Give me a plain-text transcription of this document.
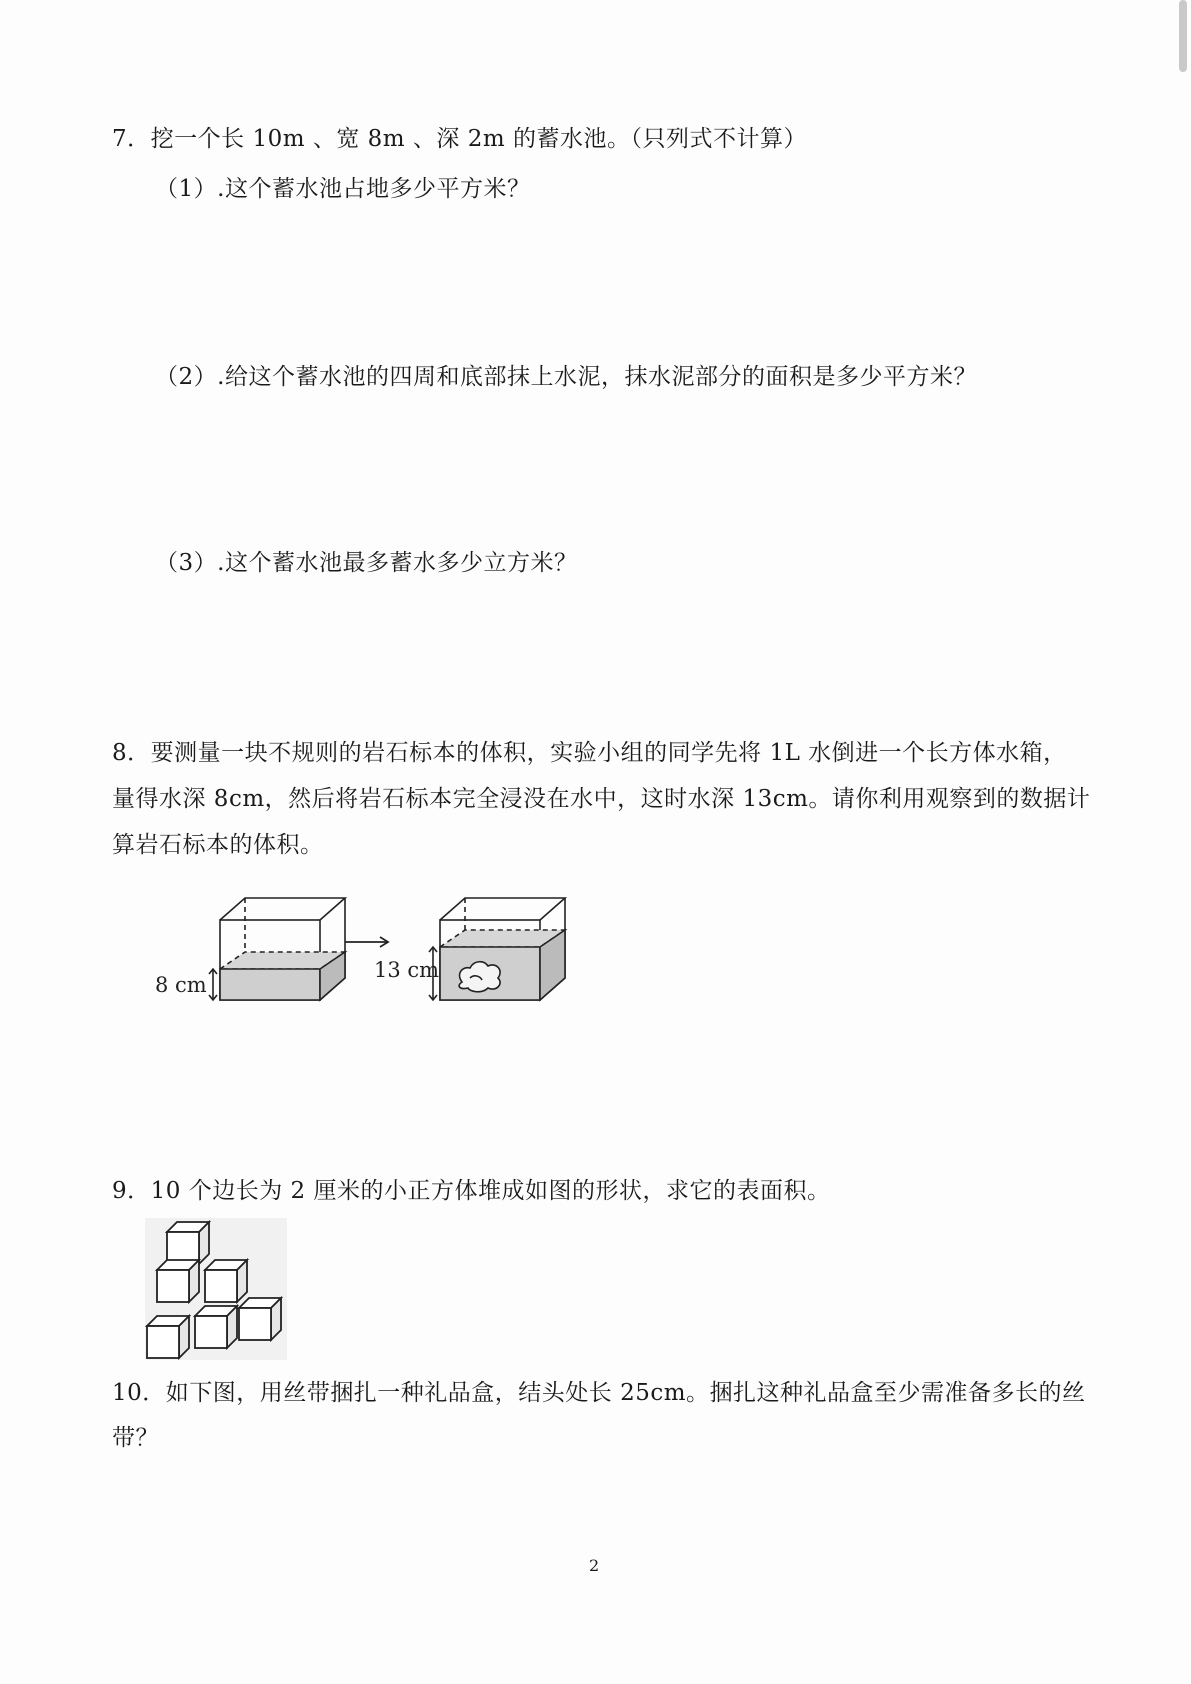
7．挖一个长 10m 、宽 8m 、深 2m 的蓄水池。（只列式不计算）
（1）.这个蓄水池占地多少平方米？
（2）.给这个蓄水池的四周和底部抹上水泥，抹水泥部分的面积是多少平方米？
（3）.这个蓄水池最多蓄水多少立方米？
8．要测量一块不规则的岩石标本的体积，实验小组的同学先将 1L 水倒进一个长方体水箱，
量得水深 8cm，然后将岩石标本完全浸没在水中，这时水深 13cm。请你利用观察到的数据计
算岩石标本的体积。
8 cm
13 cm
9．10 个边长为 2 厘米的小正方体堆成如图的形状，求它的表面积。
10．如下图，用丝带捆扎一种礼品盒，结头处长 25cm。捆扎这种礼品盒至少需准备多长的丝
带？
2
